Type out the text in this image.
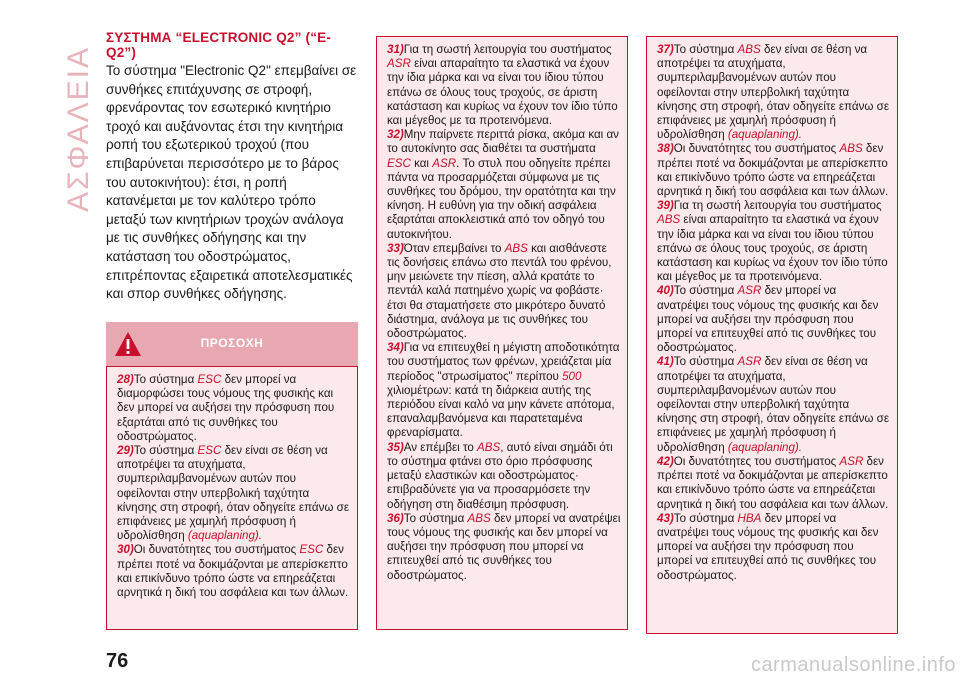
ΑΣΦΑΛΕΙΑ

ΣΥΣΤΗΜΑ “ELECTRONIC Q2” (“E-Q2”)

Το σύστημα "Electronic Q2" επεμβαίνει σε συνθήκες επιτάχυνσης σε στροφή, φρενάροντας τον εσωτερικό κινητήριο τροχό και αυξάνοντας έτσι την κινητήρια ροπή του εξωτερικού τροχού (που επιβαρύνεται περισσότερο με το βάρος του αυτοκινήτου): έτσι, η ροπή κατανέμεται με τον καλύτερο τρόπο μεταξύ των κινητήριων τροχών ανάλογα με τις συνθήκες οδήγησης και την κατάσταση του οδοστρώματος, επιτρέποντας εξαιρετικά αποτελεσματικές και σπορ συνθήκες οδήγησης.

ΠΡΟΣΟΧΗ

28)Το σύστημα ESC δεν μπορεί να διαμορφώσει τους νόμους της φυσικής και δεν μπορεί να αυξήσει την πρόσφυση που εξαρτάται από τις συνθήκες του οδοστρώματος.

29)Το σύστημα ESC δεν είναι σε θέση να αποτρέψει τα ατυχήματα, συμπεριλαμβανομένων αυτών που οφείλονται στην υπερβολική ταχύτητα κίνησης στη στροφή, όταν οδηγείτε επάνω σε επιφάνειες με χαμηλή πρόσφυση ή υδρολίσθηση (aquaplaning).

30)Οι δυνατότητες του συστήματος ESC δεν πρέπει ποτέ να δοκιμάζονται με απερίσκεπτο και επικίνδυνο τρόπο ώστε να επηρεάζεται αρνητικά η δική του ασφάλεια και των άλλων.

31)Για τη σωστή λειτουργία του συστήματος ASR είναι απαραίτητο τα ελαστικά να έχουν την ίδια μάρκα και να είναι του ίδιου τύπου επάνω σε όλους τους τροχούς, σε άριστη κατάσταση και κυρίως να έχουν τον ίδιο τύπο και μέγεθος με τα προτεινόμενα.

32)Μην παίρνετε περιττά ρίσκα, ακόμα και αν το αυτοκίνητο σας διαθέτει τα συστήματα ESC και ASR. Το στυλ που οδηγείτε πρέπει πάντα να προσαρμόζεται σύμφωνα με τις συνθήκες του δρόμου, την ορατότητα και την κίνηση. Η ευθύνη για την οδική ασφάλεια εξαρτάται αποκλειστικά από τον οδηγό του αυτοκινήτου.

33)Όταν επεμβαίνει το ABS και αισθάνεστε τις δονήσεις επάνω στο πεντάλ του φρένου, μην μειώνετε την πίεση, αλλά κρατάτε το πεντάλ καλά πατημένο χωρίς να φοβάστε· έτσι θα σταματήσετε στο μικρότερο δυνατό διάστημα, ανάλογα με τις συνθήκες του οδοστρώματος.

34)Για να επιτευχθεί η μέγιστη αποδοτικότητα του συστήματος των φρένων, χρειάζεται μία περίοδος "στρωσίματος" περίπου 500 χιλιομέτρων: κατά τη διάρκεια αυτής της περιόδου είναι καλό να μην κάνετε απότομα, επαναλαμβανόμενα και παρατεταμένα φρεναρίσματα.

35)Αν επέμβει το ABS, αυτό είναι σημάδι ότι το σύστημα φτάνει στο όριο πρόσφυσης μεταξύ ελαστικών και οδοστρώματος· επιβραδύνετε για να προσαρμόσετε την οδήγηση στη διαθέσιμη πρόσφυση.

36)Το σύστημα ABS δεν μπορεί να ανατρέψει τους νόμους της φυσικής και δεν μπορεί να αυξήσει την πρόσφυση που μπορεί να επιτευχθεί από τις συνθήκες του οδοστρώματος.

37)Το σύστημα ABS δεν είναι σε θέση να αποτρέψει τα ατυχήματα, συμπεριλαμβανομένων αυτών που οφείλονται στην υπερβολική ταχύτητα κίνησης στη στροφή, όταν οδηγείτε επάνω σε επιφάνειες με χαμηλή πρόσφυση ή υδρολίσθηση (aquaplaning).

38)Οι δυνατότητες του συστήματος ABS δεν πρέπει ποτέ να δοκιμάζονται με απερίσκεπτο και επικίνδυνο τρόπο ώστε να επηρεάζεται αρνητικά η δική του ασφάλεια και των άλλων.

39)Για τη σωστή λειτουργία του συστήματος ABS είναι απαραίτητο τα ελαστικά να έχουν την ίδια μάρκα και να είναι του ίδιου τύπου επάνω σε όλους τους τροχούς, σε άριστη κατάσταση και κυρίως να έχουν τον ίδιο τύπο και μέγεθος με τα προτεινόμενα.

40)Το σύστημα ASR δεν μπορεί να ανατρέψει τους νόμους της φυσικής και δεν μπορεί να αυξήσει την πρόσφυση που μπορεί να επιτευχθεί από τις συνθήκες του οδοστρώματος.

41)Το σύστημα ASR δεν είναι σε θέση να αποτρέψει τα ατυχήματα, συμπεριλαμβανομένων αυτών που οφείλονται στην υπερβολική ταχύτητα κίνησης στη στροφή, όταν οδηγείτε επάνω σε επιφάνειες με χαμηλή πρόσφυση ή υδρολίσθηση (aquaplaning).

42)Οι δυνατότητες του συστήματος ASR δεν πρέπει ποτέ να δοκιμάζονται με απερίσκεπτο και επικίνδυνο τρόπο ώστε να επηρεάζεται αρνητικά η δική του ασφάλεια και των άλλων.

43)Το σύστημα HBA δεν μπορεί να ανατρέψει τους νόμους της φυσικής και δεν μπορεί να αυξήσει την πρόσφυση που μπορεί να επιτευχθεί από τις συνθήκες του οδοστρώματος.

76	carmanualsonline.info
